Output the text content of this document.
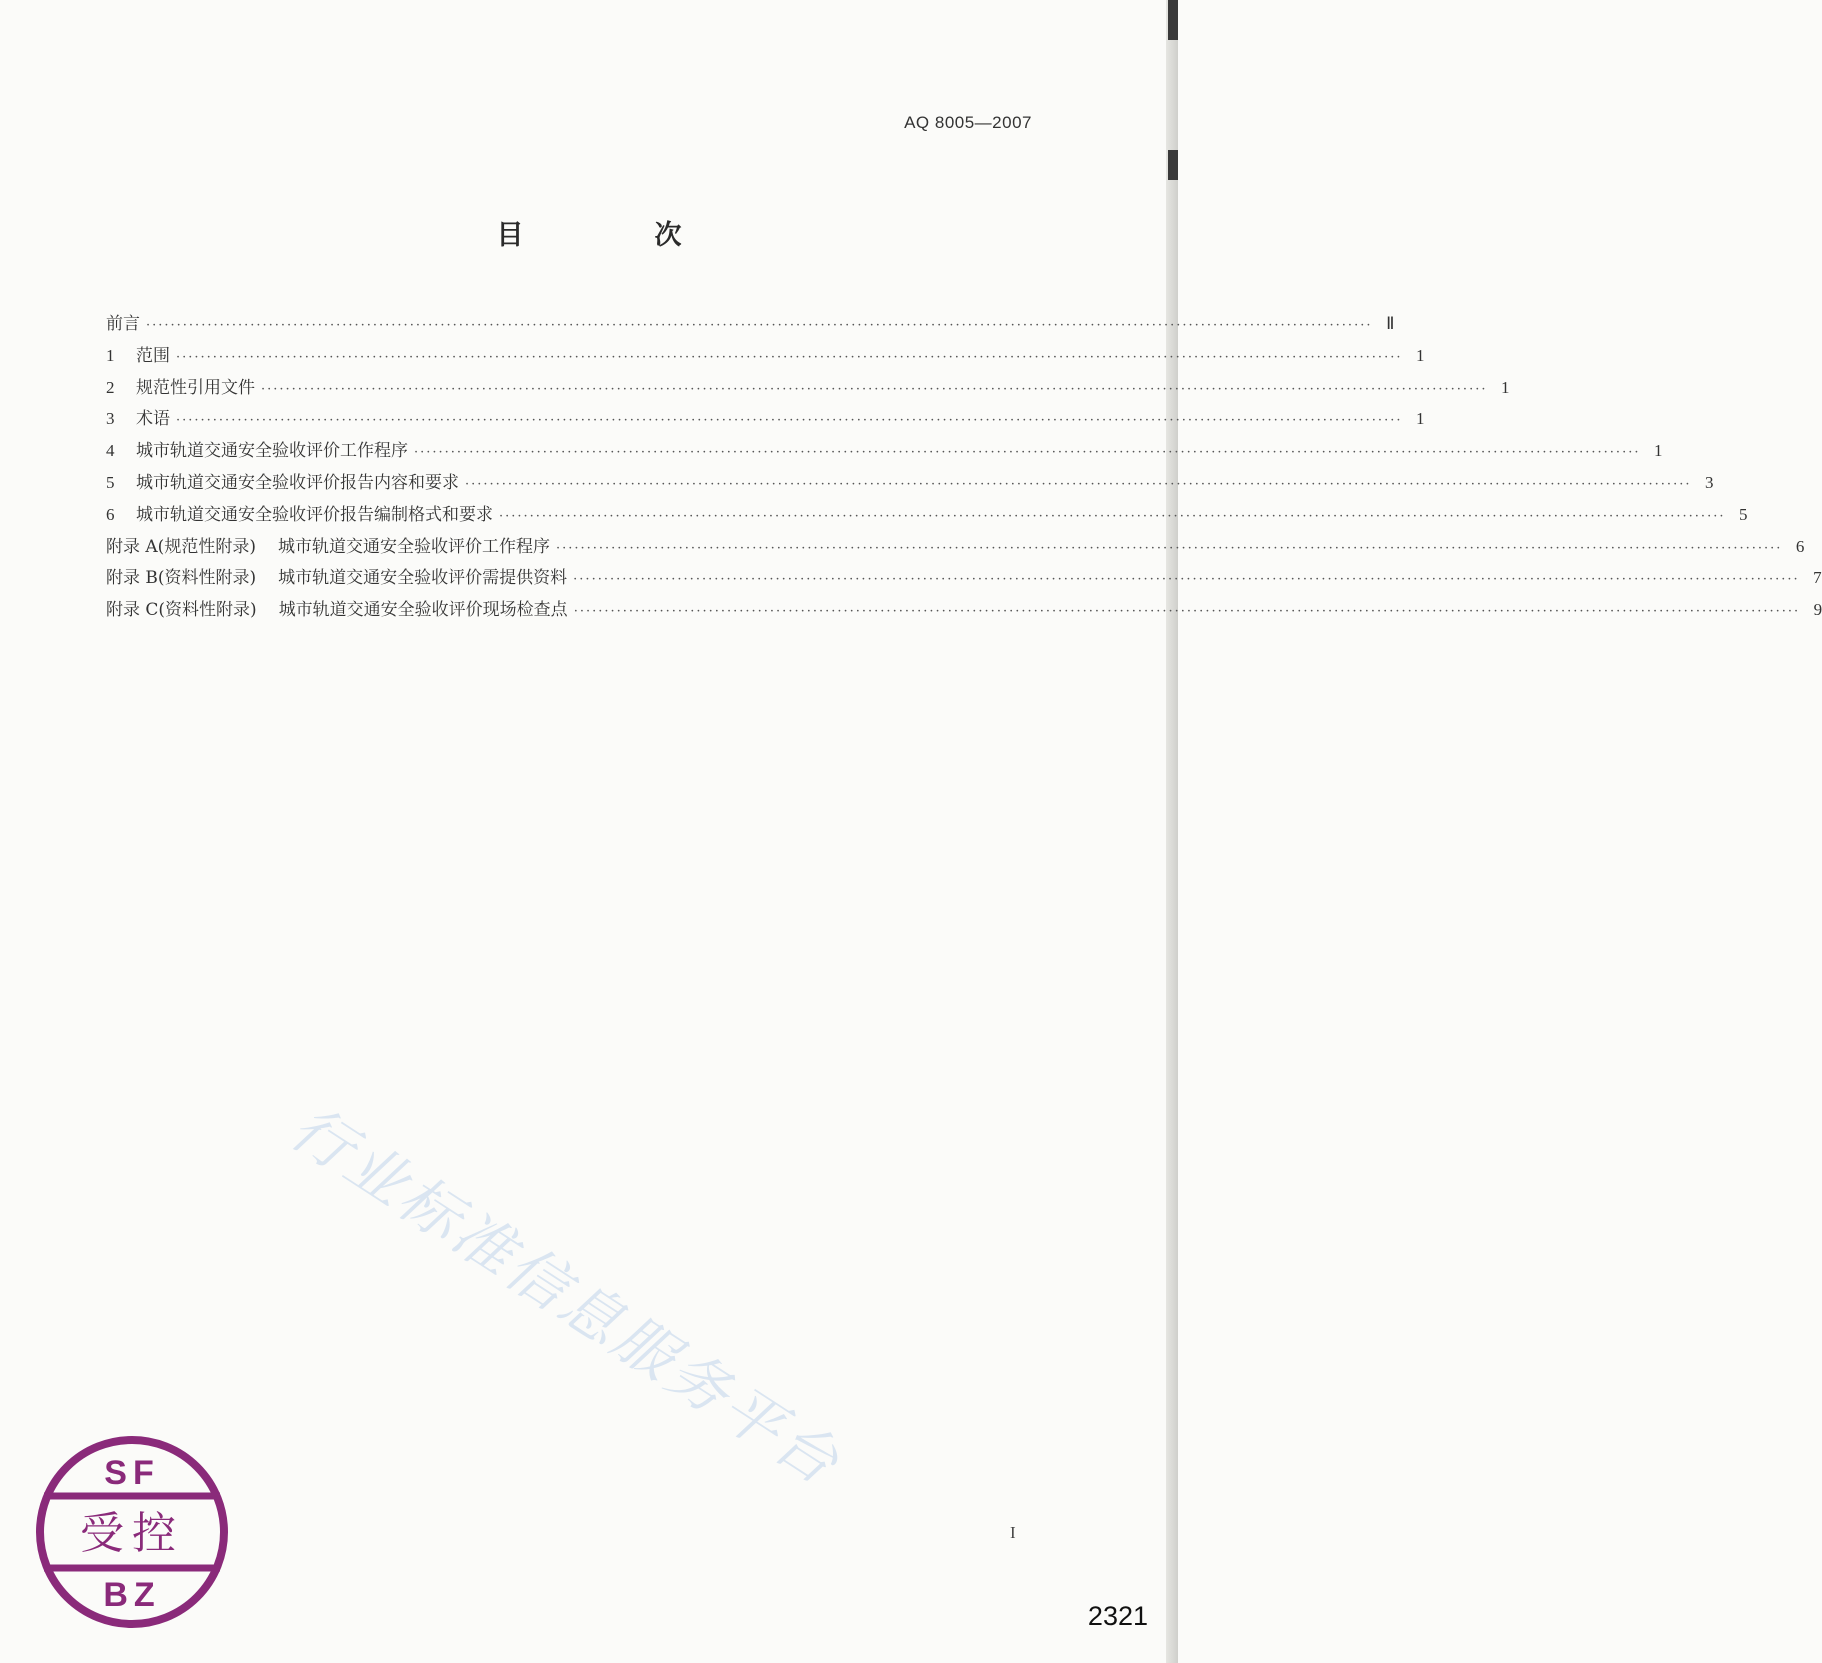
AQ 8005—2007
目　次
前言 ········································································································································································································ Ⅱ
1	范围 ········································································································································································································ 1
2	规范性引用文件 ········································································································································································································ 1
3	术语 ········································································································································································································ 1
4	城市轨道交通安全验收评价工作程序 ········································································································································································································ 1
5	城市轨道交通安全验收评价报告内容和要求 ········································································································································································································ 3
6	城市轨道交通安全验收评价报告编制格式和要求 ········································································································································································································ 5
附录 A(规范性附录) 城市轨道交通安全验收评价工作程序 ········································································································································································································ 6
附录 B(资料性附录) 城市轨道交通安全验收评价需提供资料 ········································································································································································································ 7
附录 C(资料性附录) 城市轨道交通安全验收评价现场检查点 ········································································································································································································ 9
行业标准信息服务平台
SF
受控
BZ
I
2321
